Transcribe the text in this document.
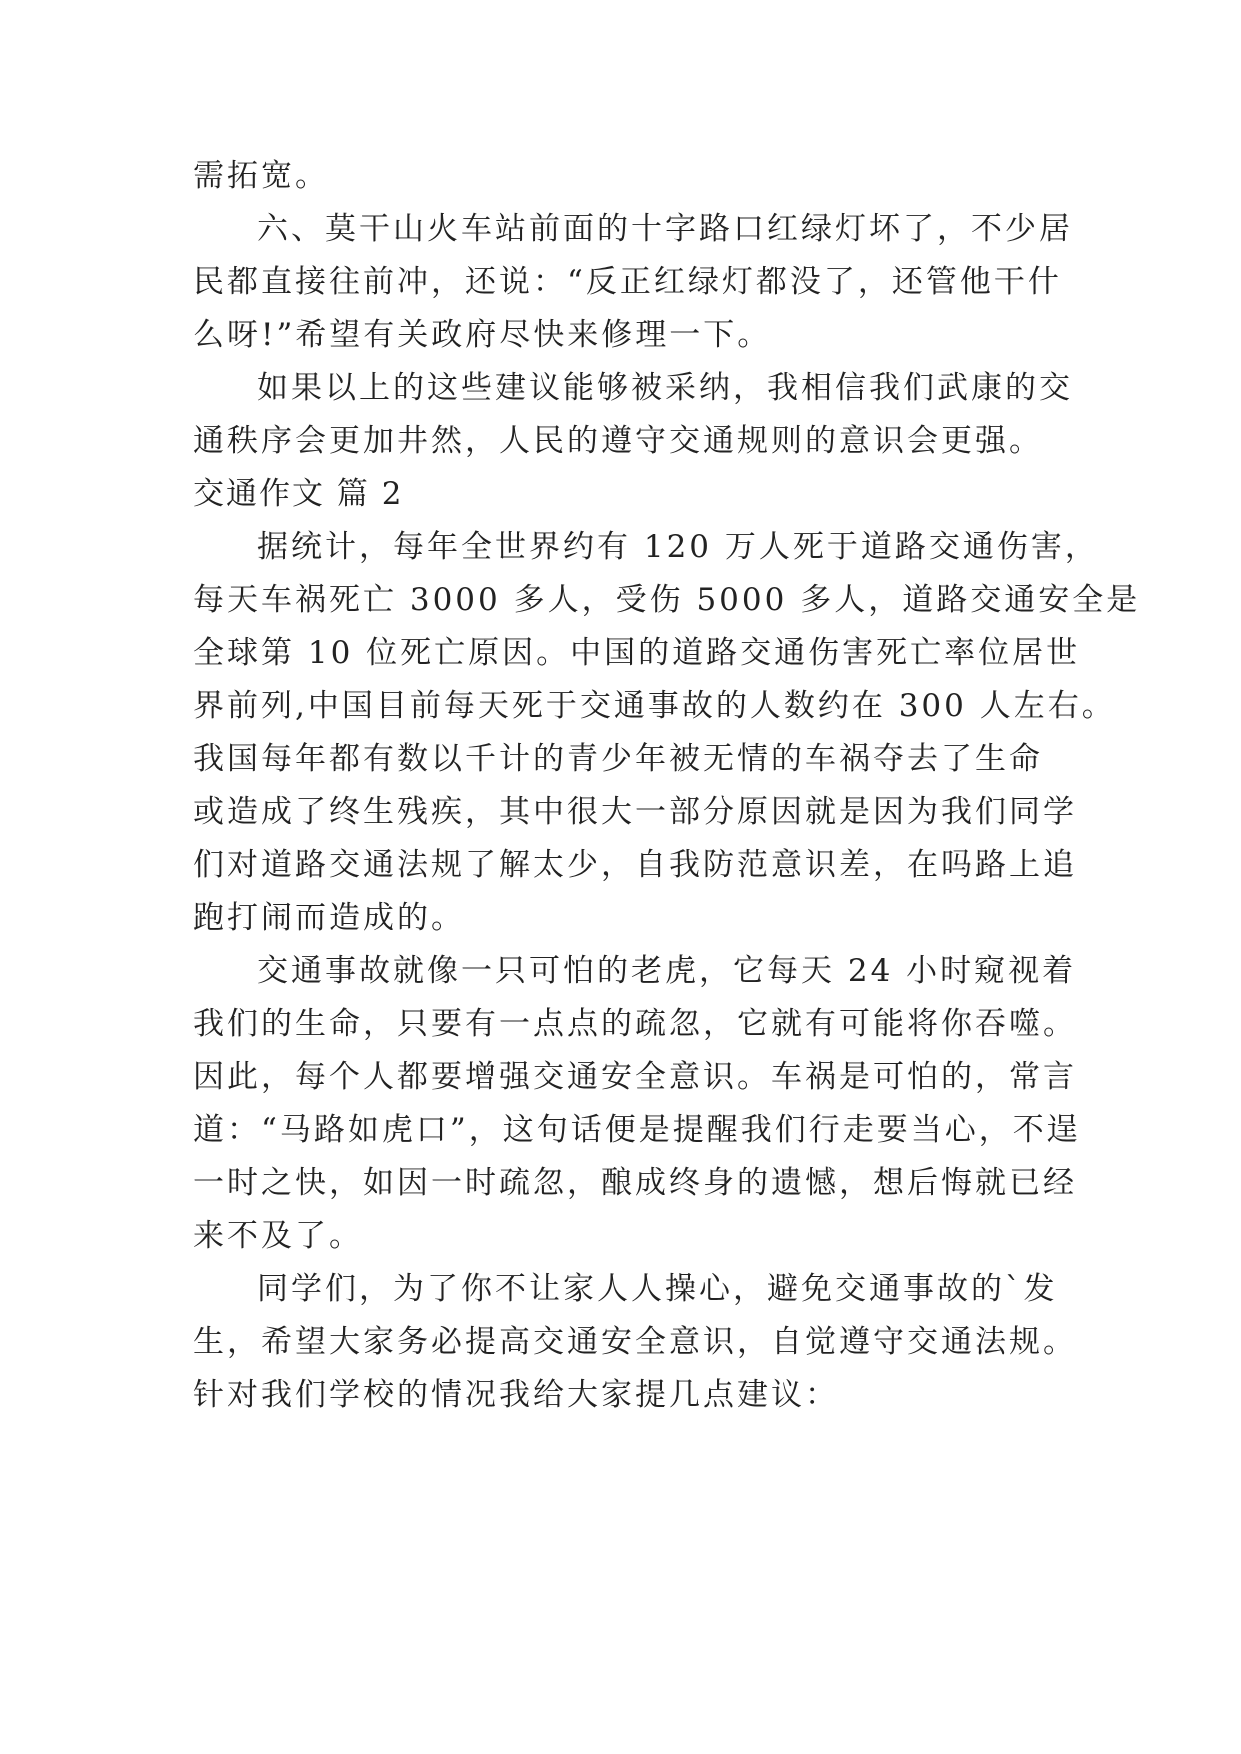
需拓宽。
六、莫干山火车站前面的十字路口红绿灯坏了，不少居
民都直接往前冲，还说：“反正红绿灯都没了，还管他干什
么呀!”希望有关政府尽快来修理一下。
如果以上的这些建议能够被采纳，我相信我们武康的交
通秩序会更加井然，人民的遵守交通规则的意识会更强。
交通作文 篇 2
据统计，每年全世界约有 120 万人死于道路交通伤害，
每天车祸死亡 3000 多人，受伤 5000 多人，道路交通安全是
全球第 10 位死亡原因。中国的道路交通伤害死亡率位居世
界前列,中国目前每天死于交通事故的人数约在 300 人左右。
我国每年都有数以千计的青少年被无情的车祸夺去了生命
或造成了终生残疾，其中很大一部分原因就是因为我们同学
们对道路交通法规了解太少，自我防范意识差，在吗路上追
跑打闹而造成的。
交通事故就像一只可怕的老虎，它每天 24 小时窥视着
我们的生命，只要有一点点的疏忽，它就有可能将你吞噬。
因此，每个人都要增强交通安全意识。车祸是可怕的，常言
道：“马路如虎口”，这句话便是提醒我们行走要当心，不逞
一时之快，如因一时疏忽，酿成终身的遗憾，想后悔就已经
来不及了。
同学们，为了你不让家人人操心，避免交通事故的`发
生，希望大家务必提高交通安全意识，自觉遵守交通法规。
针对我们学校的情况我给大家提几点建议：
